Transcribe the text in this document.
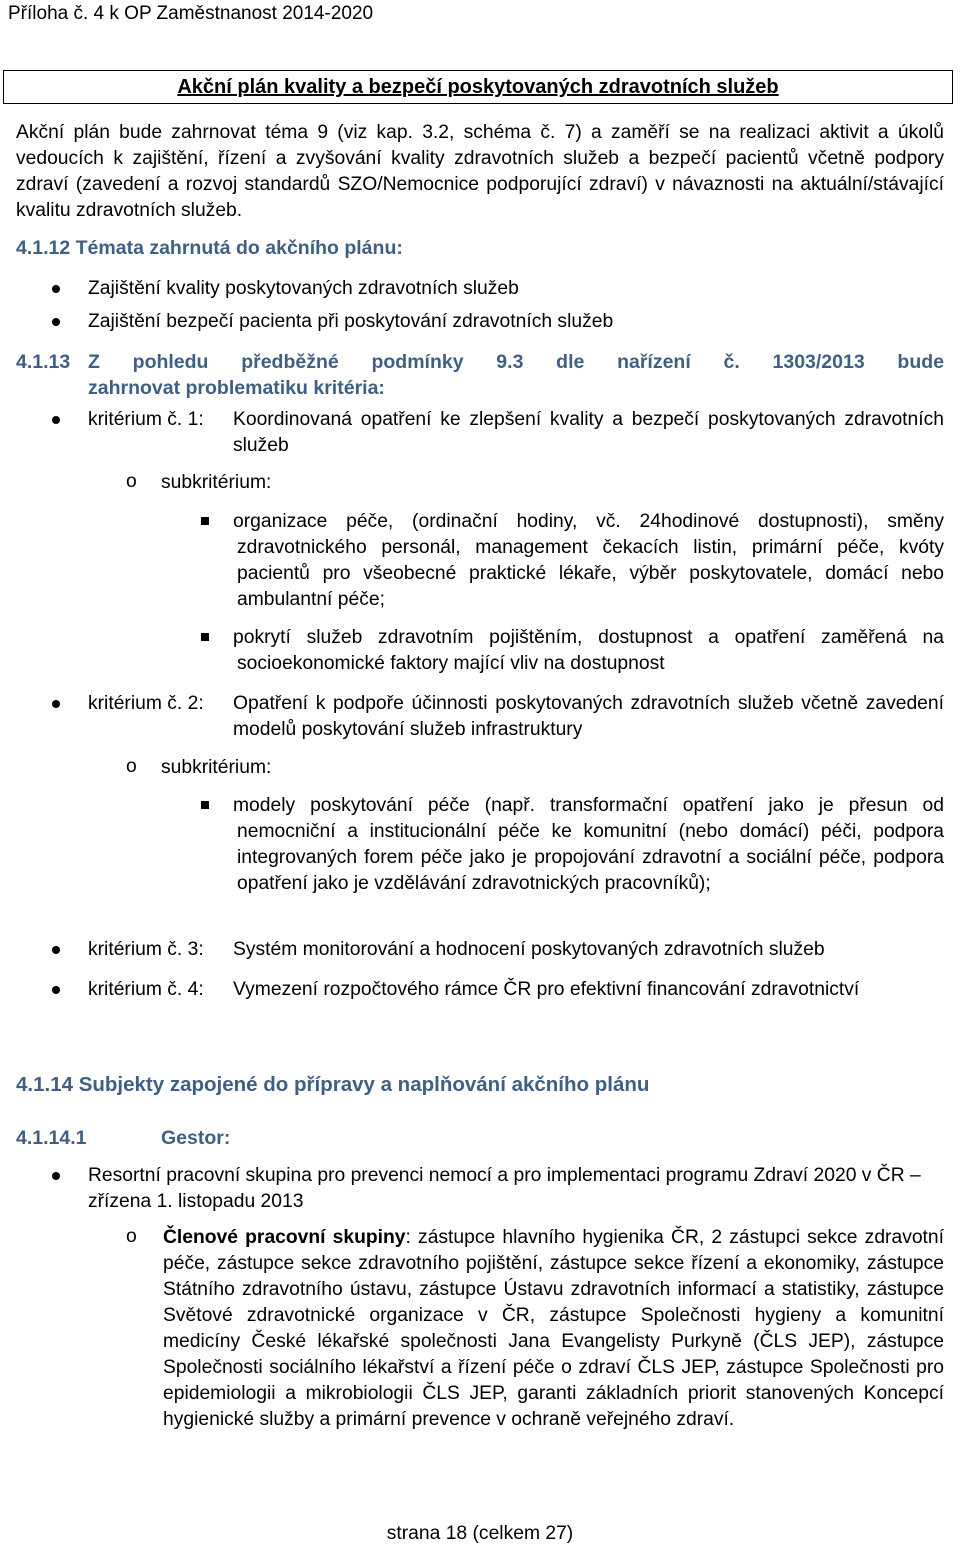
Příloha č. 4 k OP Zaměstnanost 2014-2020
Akční plán kvality a bezpečí poskytovaných zdravotních služeb
Akční plán bude zahrnovat téma 9 (viz kap. 3.2, schéma č. 7) a zaměří se na realizaci aktivit a úkolů vedoucích k zajištění, řízení a zvyšování kvality zdravotních služeb a bezpečí pacientů včetně podpory zdraví (zavedení a rozvoj standardů SZO/Nemocnice podporující zdraví) v návaznosti na aktuální/stávající kvalitu zdravotních služeb.
4.1.12 Témata zahrnutá do akčního plánu:
Zajištění kvality poskytovaných zdravotních služeb
Zajištění bezpečí pacienta při poskytování zdravotních služeb
4.1.13 Z pohledu předběžné podmínky 9.3 dle nařízení č. 1303/2013 bude
zahrnovat problematiku kritéria:
kritérium č. 1: Koordinovaná opatření ke zlepšení kvality a bezpečí poskytovaných zdravotních služeb
o subkritérium:
organizace péče, (ordinační hodiny, vč. 24hodinové dostupnosti), směny zdravotnického personál, management čekacích listin, primární péče, kvóty pacientů pro všeobecné praktické lékaře, výběr poskytovatele, domácí nebo ambulantní péče;
pokrytí služeb zdravotním pojištěním, dostupnost a opatření zaměřená na socioekonomické faktory mající vliv na dostupnost
kritérium č. 2: Opatření k podpoře účinnosti poskytovaných zdravotních služeb včetně zavedení modelů poskytování služeb infrastruktury
o subkritérium:
modely poskytování péče (např. transformační opatření jako je přesun od nemocniční a institucionální péče ke komunitní (nebo domácí) péči, podpora integrovaných forem péče jako je propojování zdravotní a sociální péče, podpora opatření jako je vzdělávání zdravotnických pracovníků);
kritérium č. 3: Systém monitorování a hodnocení poskytovaných zdravotních služeb
kritérium č. 4: Vymezení rozpočtového rámce ČR pro efektivní financování zdravotnictví
4.1.14 Subjekty zapojené do přípravy a naplňování akčního plánu
4.1.14.1	Gestor:
Resortní pracovní skupina pro prevenci nemocí a pro implementaci programu Zdraví 2020 v ČR – zřízena 1. listopadu 2013
o Členové pracovní skupiny: zástupce hlavního hygienika ČR, 2 zástupci sekce zdravotní péče, zástupce sekce zdravotního pojištění, zástupce sekce řízení a ekonomiky, zástupce Státního zdravotního ústavu, zástupce Ústavu zdravotních informací a statistiky, zástupce Světové zdravotnické organizace v ČR, zástupce Společnosti hygieny a komunitní medicíny České lékařské společnosti Jana Evangelisty Purkyně (ČLS JEP), zástupce Společnosti sociálního lékařství a řízení péče o zdraví ČLS JEP, zástupce Společnosti pro epidemiologii a mikrobiologii ČLS JEP, garanti základních priorit stanovených Koncepcí hygienické služby a primární prevence v ochraně veřejného zdraví.
strana 18 (celkem 27)
